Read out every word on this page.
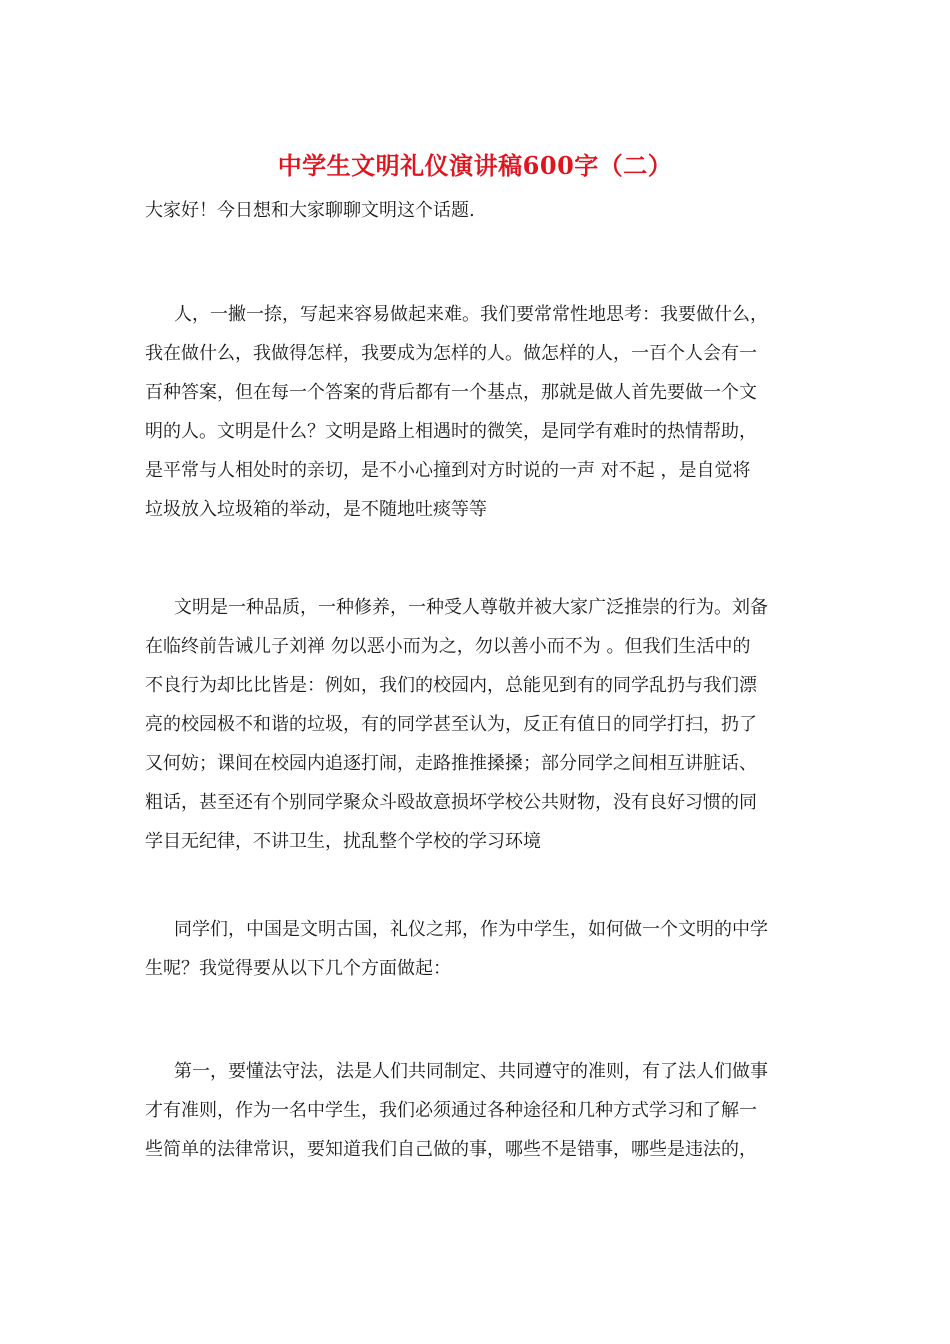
中学生文明礼仪演讲稿600字（二）
大家好！今日想和大家聊聊文明这个话题.
人，一撇一捺，写起来容易做起来难。我们要常常性地思考：我要做什么，
我在做什么，我做得怎样，我要成为怎样的人。做怎样的人，一百个人会有一
百种答案，但在每一个答案的背后都有一个基点，那就是做人首先要做一个文
明的人。文明是什么？文明是路上相遇时的微笑，是同学有难时的热情帮助，
是平常与人相处时的亲切，是不小心撞到对方时说的一声 对不起 ，是自觉将
垃圾放入垃圾箱的举动，是不随地吐痰等等
文明是一种品质，一种修养，一种受人尊敬并被大家广泛推崇的行为。刘备
在临终前告诫儿子刘禅 勿以恶小而为之，勿以善小而不为 。但我们生活中的
不良行为却比比皆是：例如，我们的校园内，总能见到有的同学乱扔与我们漂
亮的校园极不和谐的垃圾，有的同学甚至认为，反正有值日的同学打扫，扔了
又何妨；课间在校园内追逐打闹，走路推推搡搡；部分同学之间相互讲脏话、
粗话，甚至还有个别同学聚众斗殴故意损坏学校公共财物，没有良好习惯的同
学目无纪律，不讲卫生，扰乱整个学校的学习环境
同学们，中国是文明古国，礼仪之邦，作为中学生，如何做一个文明的中学
生呢？我觉得要从以下几个方面做起：
第一，要懂法守法，法是人们共同制定、共同遵守的准则，有了法人们做事
才有准则，作为一名中学生，我们必须通过各种途径和几种方式学习和了解一
些简单的法律常识，要知道我们自己做的事，哪些不是错事，哪些是违法的，
